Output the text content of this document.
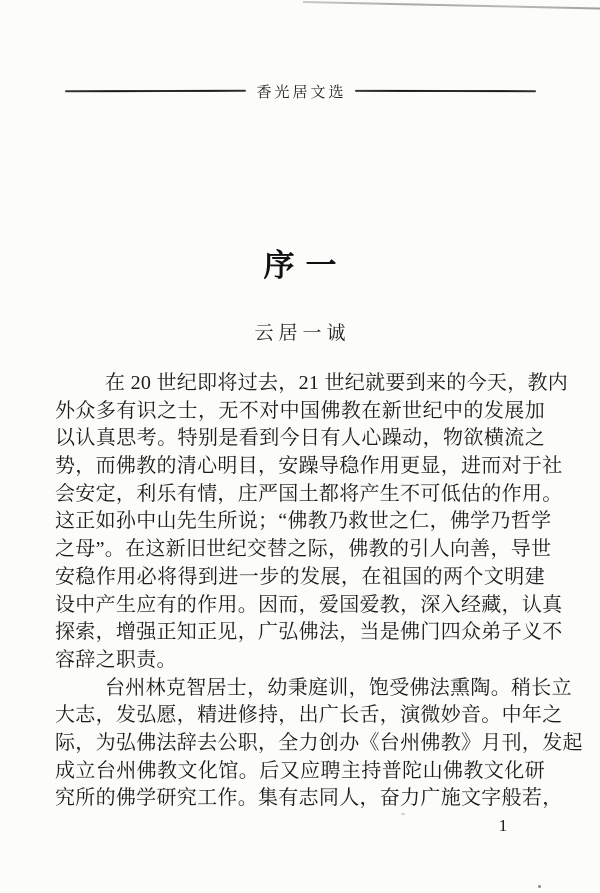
香光居文选
序一
云居一诚
在 20 世纪即将过去，21 世纪就要到来的今天，教内
外众多有识之士，无不对中国佛教在新世纪中的发展加
以认真思考。特别是看到今日有人心躁动，物欲横流之
势，而佛教的清心明目，安躁导稳作用更显，进而对于社
会安定，利乐有情，庄严国土都将产生不可低估的作用。
这正如孙中山先生所说；“佛教乃救世之仁，佛学乃哲学
之母”。在这新旧世纪交替之际，佛教的引人向善，导世
安稳作用必将得到进一步的发展，在祖国的两个文明建
设中产生应有的作用。因而，爱国爱教，深入经藏，认真
探索，增强正知正见，广弘佛法，当是佛门四众弟子义不
容辞之职责。
台州林克智居士，幼秉庭训，饱受佛法熏陶。稍长立
大志，发弘愿，精进修持，出广长舌，演微妙音。中年之
际，为弘佛法辞去公职，全力创办《台州佛教》月刊，发起
成立台州佛教文化馆。后又应聘主持普陀山佛教文化研
究所的佛学研究工作。集有志同人，奋力广施文字般若，
1
